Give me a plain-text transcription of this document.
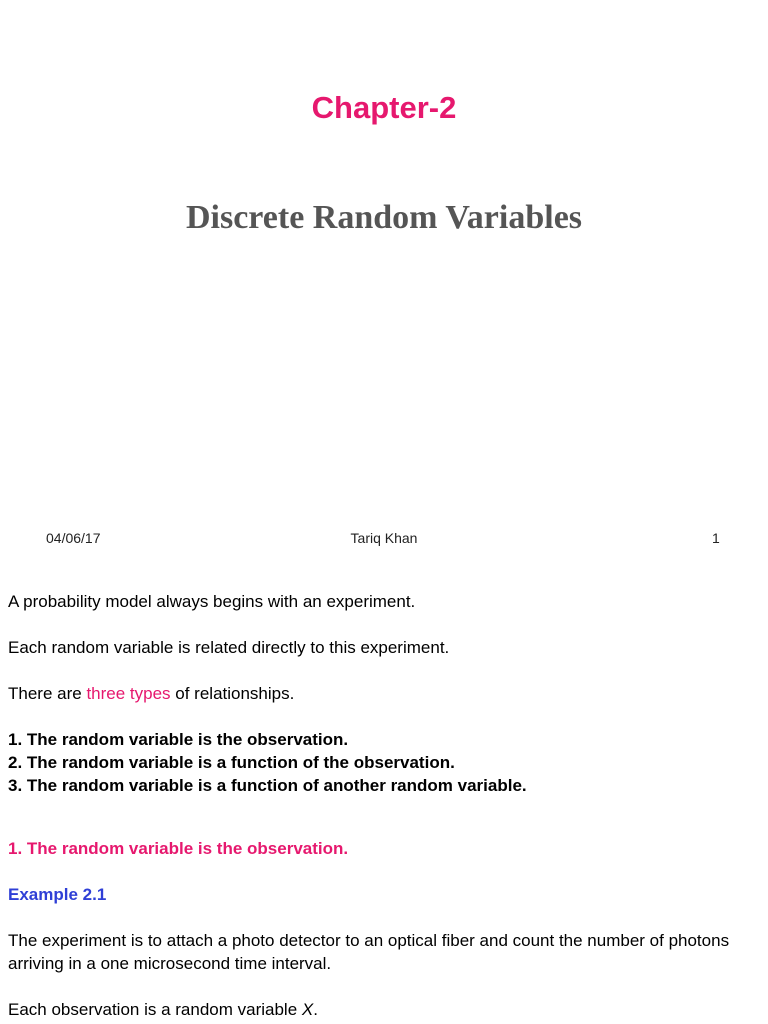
Chapter-2
Discrete Random Variables
04/06/17	Tariq Khan	1
A probability model always begins with an experiment.
Each random variable is related directly to this experiment.
There are three types of relationships.
1. The random variable is the observation.
2. The random variable is a function of the observation.
3. The random variable is a function of another random variable.
1. The random variable is the observation.
Example 2.1
The experiment is to attach a photo detector to an optical fiber and count the number of photons arriving in a one microsecond time interval.
Each observation is a random variable X.
